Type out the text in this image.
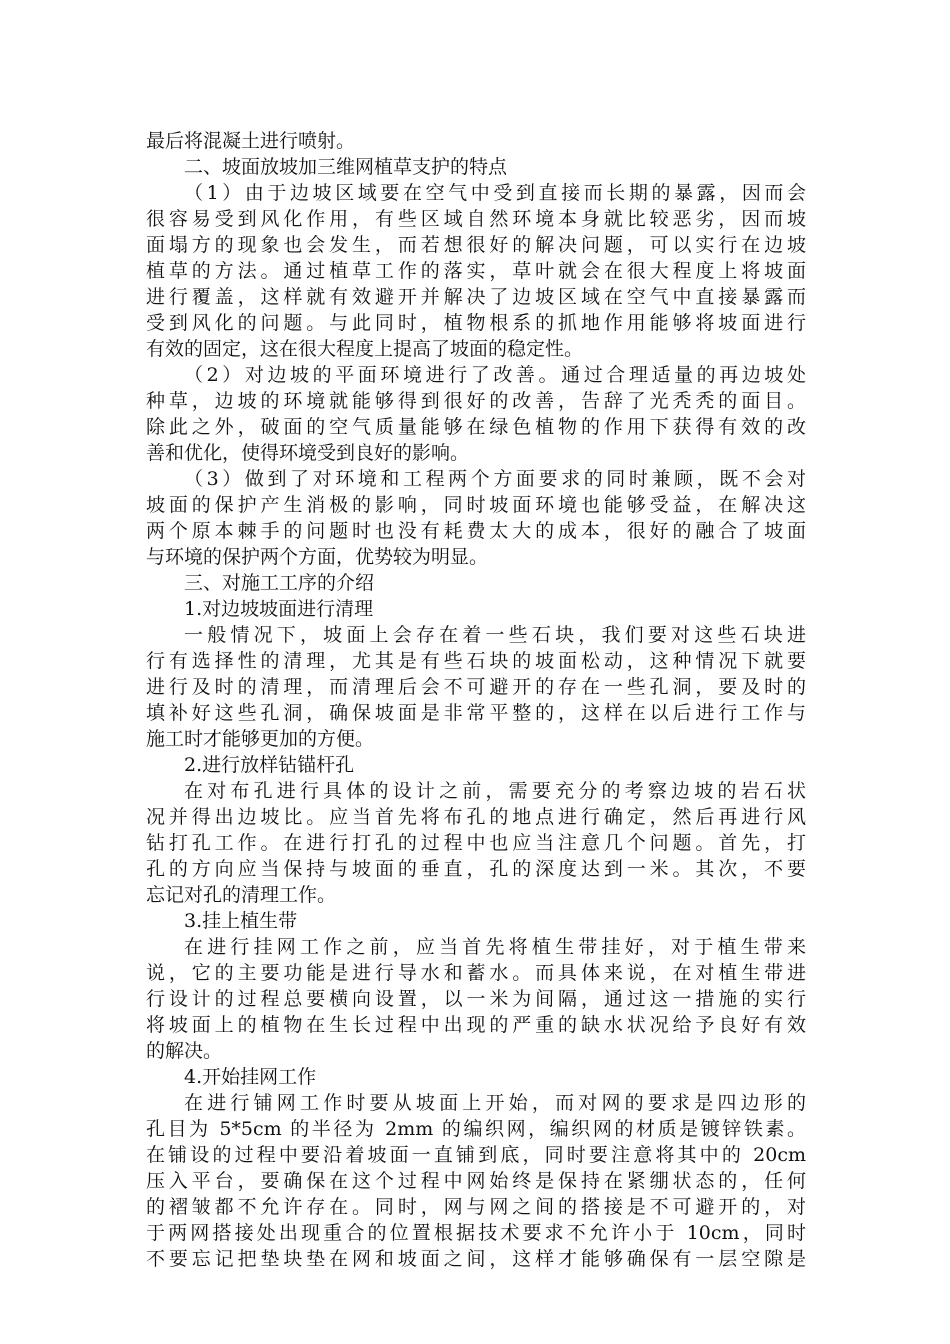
最后将混凝土进行喷射。
二、坡面放坡加三维网植草支护的特点
（1）由于边坡区域要在空气中受到直接而长期的暴露，因而会
很容易受到风化作用，有些区域自然环境本身就比较恶劣，因而坡
面塌方的现象也会发生，而若想很好的解决问题，可以实行在边坡
植草的方法。通过植草工作的落实，草叶就会在很大程度上将坡面
进行覆盖，这样就有效避开并解决了边坡区域在空气中直接暴露而
受到风化的问题。与此同时，植物根系的抓地作用能够将坡面进行
有效的固定，这在很大程度上提高了坡面的稳定性。
（2）对边坡的平面环境进行了改善。通过合理适量的再边坡处
种草，边坡的环境就能够得到很好的改善，告辞了光秃秃的面目。
除此之外，破面的空气质量能够在绿色植物的作用下获得有效的改
善和优化，使得环境受到良好的影响。
（3）做到了对环境和工程两个方面要求的同时兼顾，既不会对
坡面的保护产生消极的影响，同时坡面环境也能够受益，在解决这
两个原本棘手的问题时也没有耗费太大的成本，很好的融合了坡面
与环境的保护两个方面，优势较为明显。
三、对施工工序的介绍
1.对边坡坡面进行清理
一般情况下，坡面上会存在着一些石块，我们要对这些石块进
行有选择性的清理，尤其是有些石块的坡面松动，这种情况下就要
进行及时的清理，而清理后会不可避开的存在一些孔洞，要及时的
填补好这些孔洞，确保坡面是非常平整的，这样在以后进行工作与
施工时才能够更加的方便。
2.进行放样钻锚杆孔
在对布孔进行具体的设计之前，需要充分的考察边坡的岩石状
况并得出边坡比。应当首先将布孔的地点进行确定，然后再进行风
钻打孔工作。在进行打孔的过程中也应当注意几个问题。首先，打
孔的方向应当保持与坡面的垂直，孔的深度达到一米。其次，不要
忘记对孔的清理工作。
3.挂上植生带
在进行挂网工作之前，应当首先将植生带挂好，对于植生带来
说，它的主要功能是进行导水和蓄水。而具体来说，在对植生带进
行设计的过程总要横向设置，以一米为间隔，通过这一措施的实行
将坡面上的植物在生长过程中出现的严重的缺水状况给予良好有效
的解决。
4.开始挂网工作
在进行铺网工作时要从坡面上开始，而对网的要求是四边形的
孔目为 5*5cm 的半径为 2mm 的编织网，编织网的材质是镀锌铁素。
在铺设的过程中要沿着坡面一直铺到底，同时要注意将其中的 20cm
压入平台，要确保在这个过程中网始终是保持在紧绷状态的，任何
的褶皱都不允许存在。同时，网与网之间的搭接是不可避开的，对
于两网搭接处出现重合的位置根据技术要求不允许小于 10cm，同时
不要忘记把垫块垫在网和坡面之间，这样才能够确保有一层空隙是
